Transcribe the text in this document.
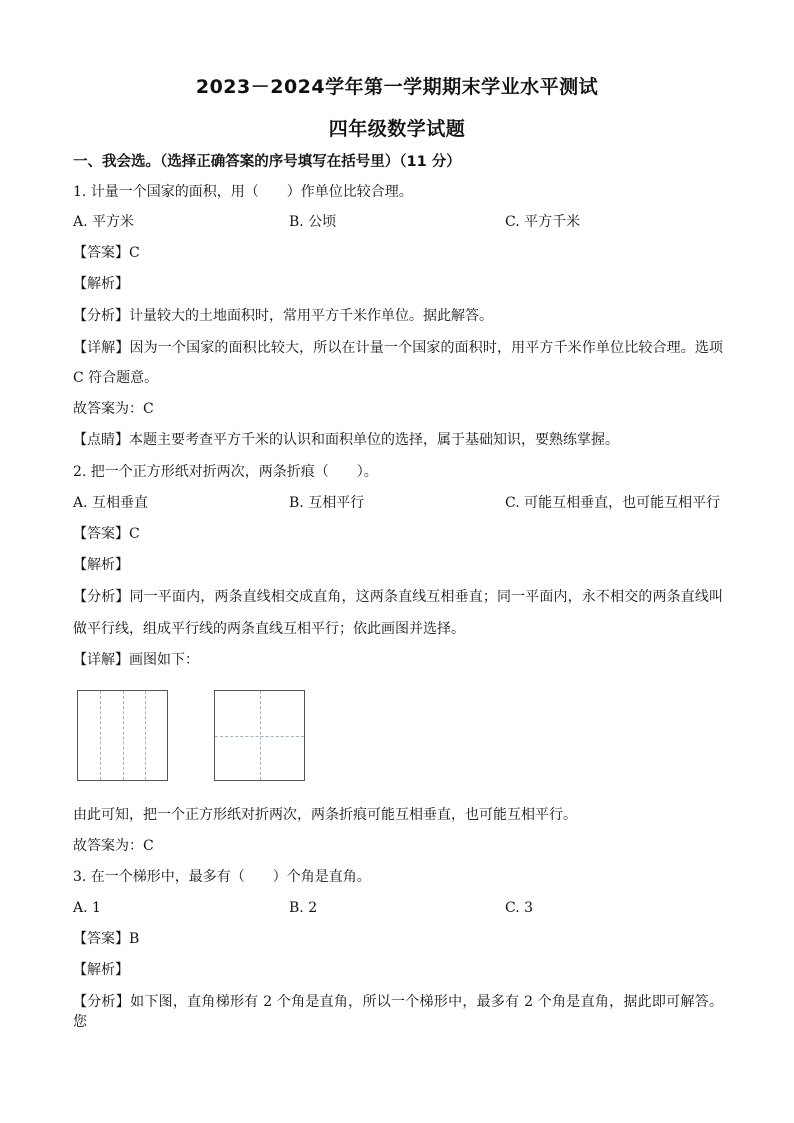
2023－2024学年第一学期期末学业水平测试
四年级数学试题
一、我会选。（选择正确答案的序号填写在括号里）（11 分）
1. 计量一个国家的面积，用（　　）作单位比较合理。
A. 平方米	B. 公顷	C. 平方千米
【答案】C
【解析】
【分析】计量较大的土地面积时，常用平方千米作单位。据此解答。
【详解】因为一个国家的面积比较大，所以在计量一个国家的面积时，用平方千米作单位比较合理。选项
C 符合题意。
故答案为：C
【点睛】本题主要考查平方千米的认识和面积单位的选择，属于基础知识，要熟练掌握。
2. 把一个正方形纸对折两次，两条折痕（　　）。
A. 互相垂直	B. 互相平行	C. 可能互相垂直，也可能互相平行
【答案】C
【解析】
【分析】同一平面内，两条直线相交成直角，这两条直线互相垂直；同一平面内，永不相交的两条直线叫
做平行线，组成平行线的两条直线互相平行；依此画图并选择。
【详解】画图如下：
由此可知，把一个正方形纸对折两次，两条折痕可能互相垂直，也可能互相平行。
故答案为：C
3. 在一个梯形中，最多有（　　）个角是直角。
A. 1	B. 2	C. 3
【答案】B
【解析】
【分析】如下图，直角梯形有 2 个角是直角，所以一个梯形中，最多有 2 个角是直角，据此即可解答。您
